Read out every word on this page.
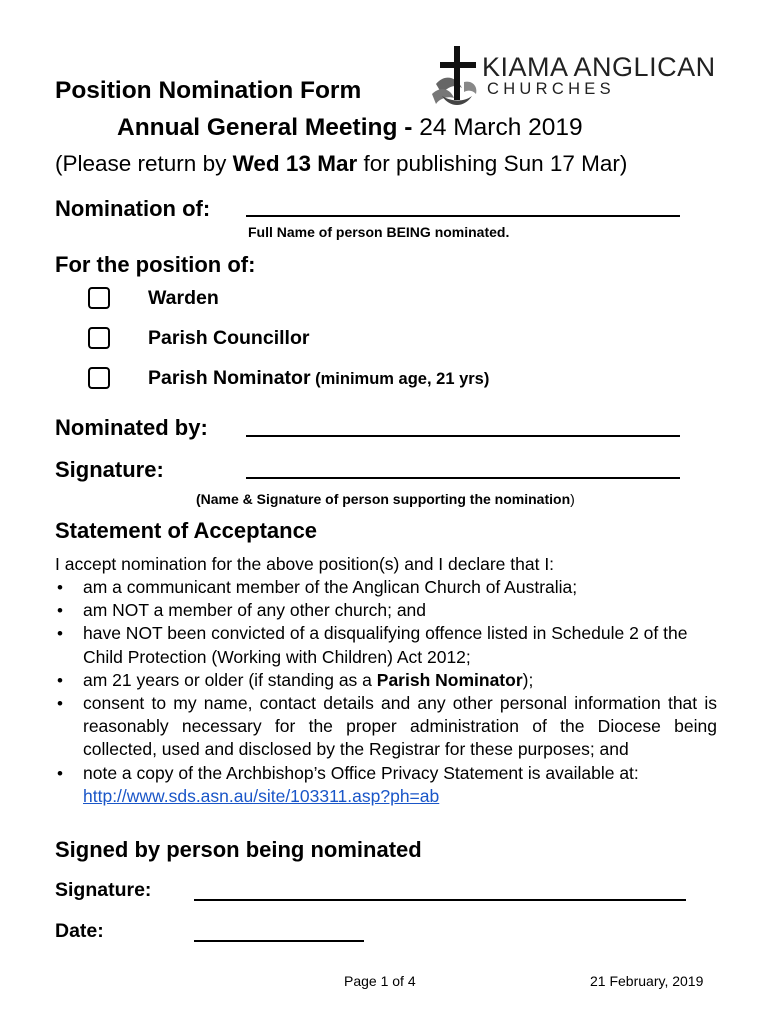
KIAMA ANGLICAN
CHURCHES
Position Nomination Form
Annual General Meeting - 24 March 2019
(Please return by Wed 13 Mar for publishing Sun 17 Mar)
Nomination of:
Full Name of person BEING nominated.
For the position of:
Warden
Parish Councillor
Parish Nominator (minimum age, 21 yrs)
Nominated by:
Signature:
(Name & Signature of person supporting the nomination)
Statement of Acceptance
I accept nomination for the above position(s) and I declare that I:
• am a communicant member of the Anglican Church of Australia;
• am NOT a member of any other church; and
• have NOT been convicted of a disqualifying offence listed in Schedule 2 of the Child Protection (Working with Children) Act 2012;
• am 21 years or older (if standing as a Parish Nominator);
• consent to my name, contact details and any other personal information that is reasonably necessary for the proper administration of the Diocese being collected, used and disclosed by the Registrar for these purposes; and
• note a copy of the Archbishop’s Office Privacy Statement is available at: http://www.sds.asn.au/site/103311.asp?ph=ab
Signed by person being nominated
Signature:
Date:
Page 1 of 4	21 February, 2019
